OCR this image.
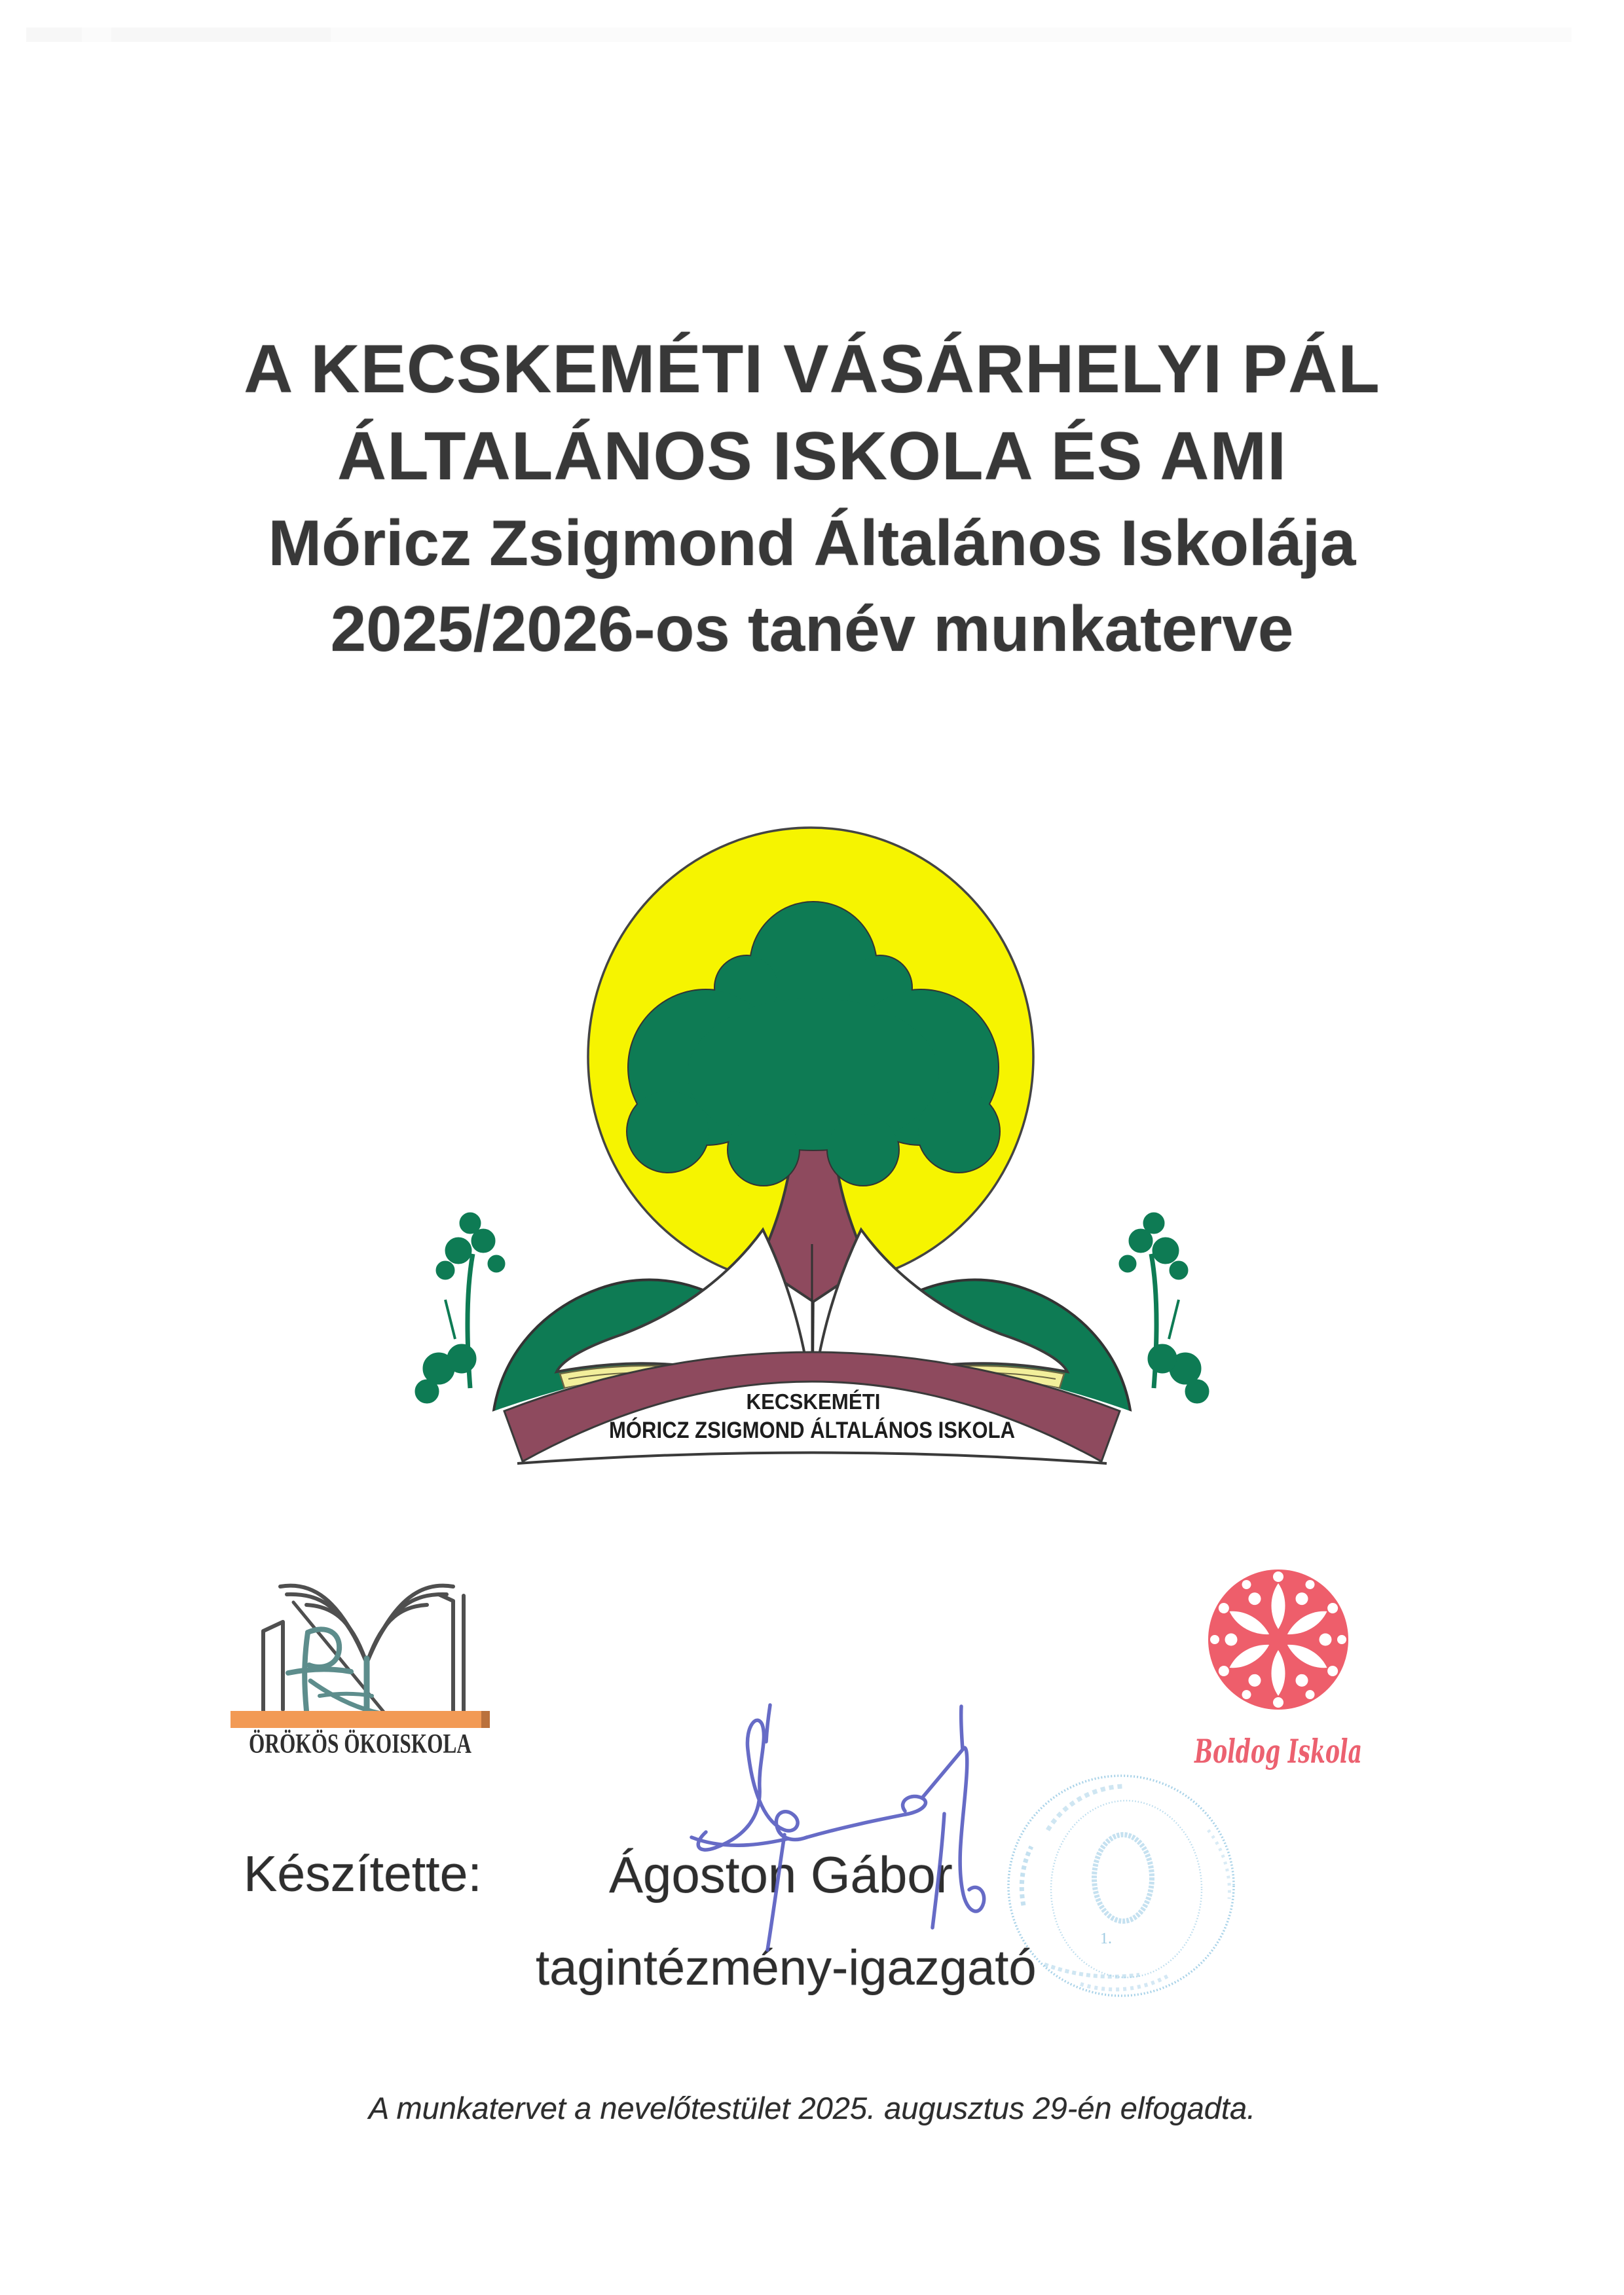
A KECSKEMÉTI VÁSÁRHELYI PÁL
ÁLTALÁNOS ISKOLA ÉS AMI
Móricz Zsigmond Általános Iskolája
2025/2026-os tanév munkaterve
KECSKEMÉTI
MÓRICZ ZSIGMOND ÁLTALÁNOS ISKOLA
ÖRÖKÖS ÖKOISKOLA	Boldog Iskola
1.
Készítette: Ágoston Gábor
tagintézmény-igazgató
A munkatervet a nevelőtestület 2025. augusztus 29-én elfogadta.
